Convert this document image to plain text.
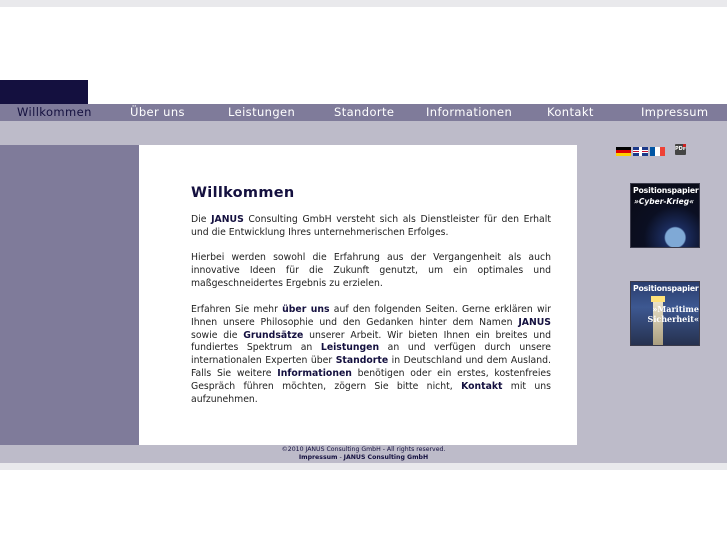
Willkommen	Über uns	Leistungen	Standorte	Informationen	Kontakt	Impressum
Willkommen

Die JANUS Consulting GmbH versteht sich als Dienstleister für den Erhalt und die Entwicklung Ihres unternehmerischen Erfolges.

Hierbei werden sowohl die Erfahrung aus der Vergangenheit als auch innovative Ideen für die Zukunft genutzt, um ein optimales und maßgeschneidertes Ergebnis zu erzielen.

Erfahren Sie mehr über uns auf den folgenden Seiten. Gerne erklären wir Ihnen unsere Philosophie und den Gedanken hinter dem Namen JANUS sowie die Grundsätze unserer Arbeit. Wir bieten Ihnen ein breites und fundiertes Spektrum an Leistungen an und verfügen durch unsere internationalen Experten über Standorte in Deutschland und dem Ausland. Falls Sie weitere Informationen benötigen oder ein erstes, kostenfreies Gespräch führen möchten, zögern Sie bitte nicht, Kontakt mit uns aufzunehmen.

PDF
Positionspapier
»Cyber-Krieg«
Positionspapier
»Maritime Sicherheit«
©2010 JANUS Consulting GmbH - All rights reserved.
Impressum - JANUS Consulting GmbH
